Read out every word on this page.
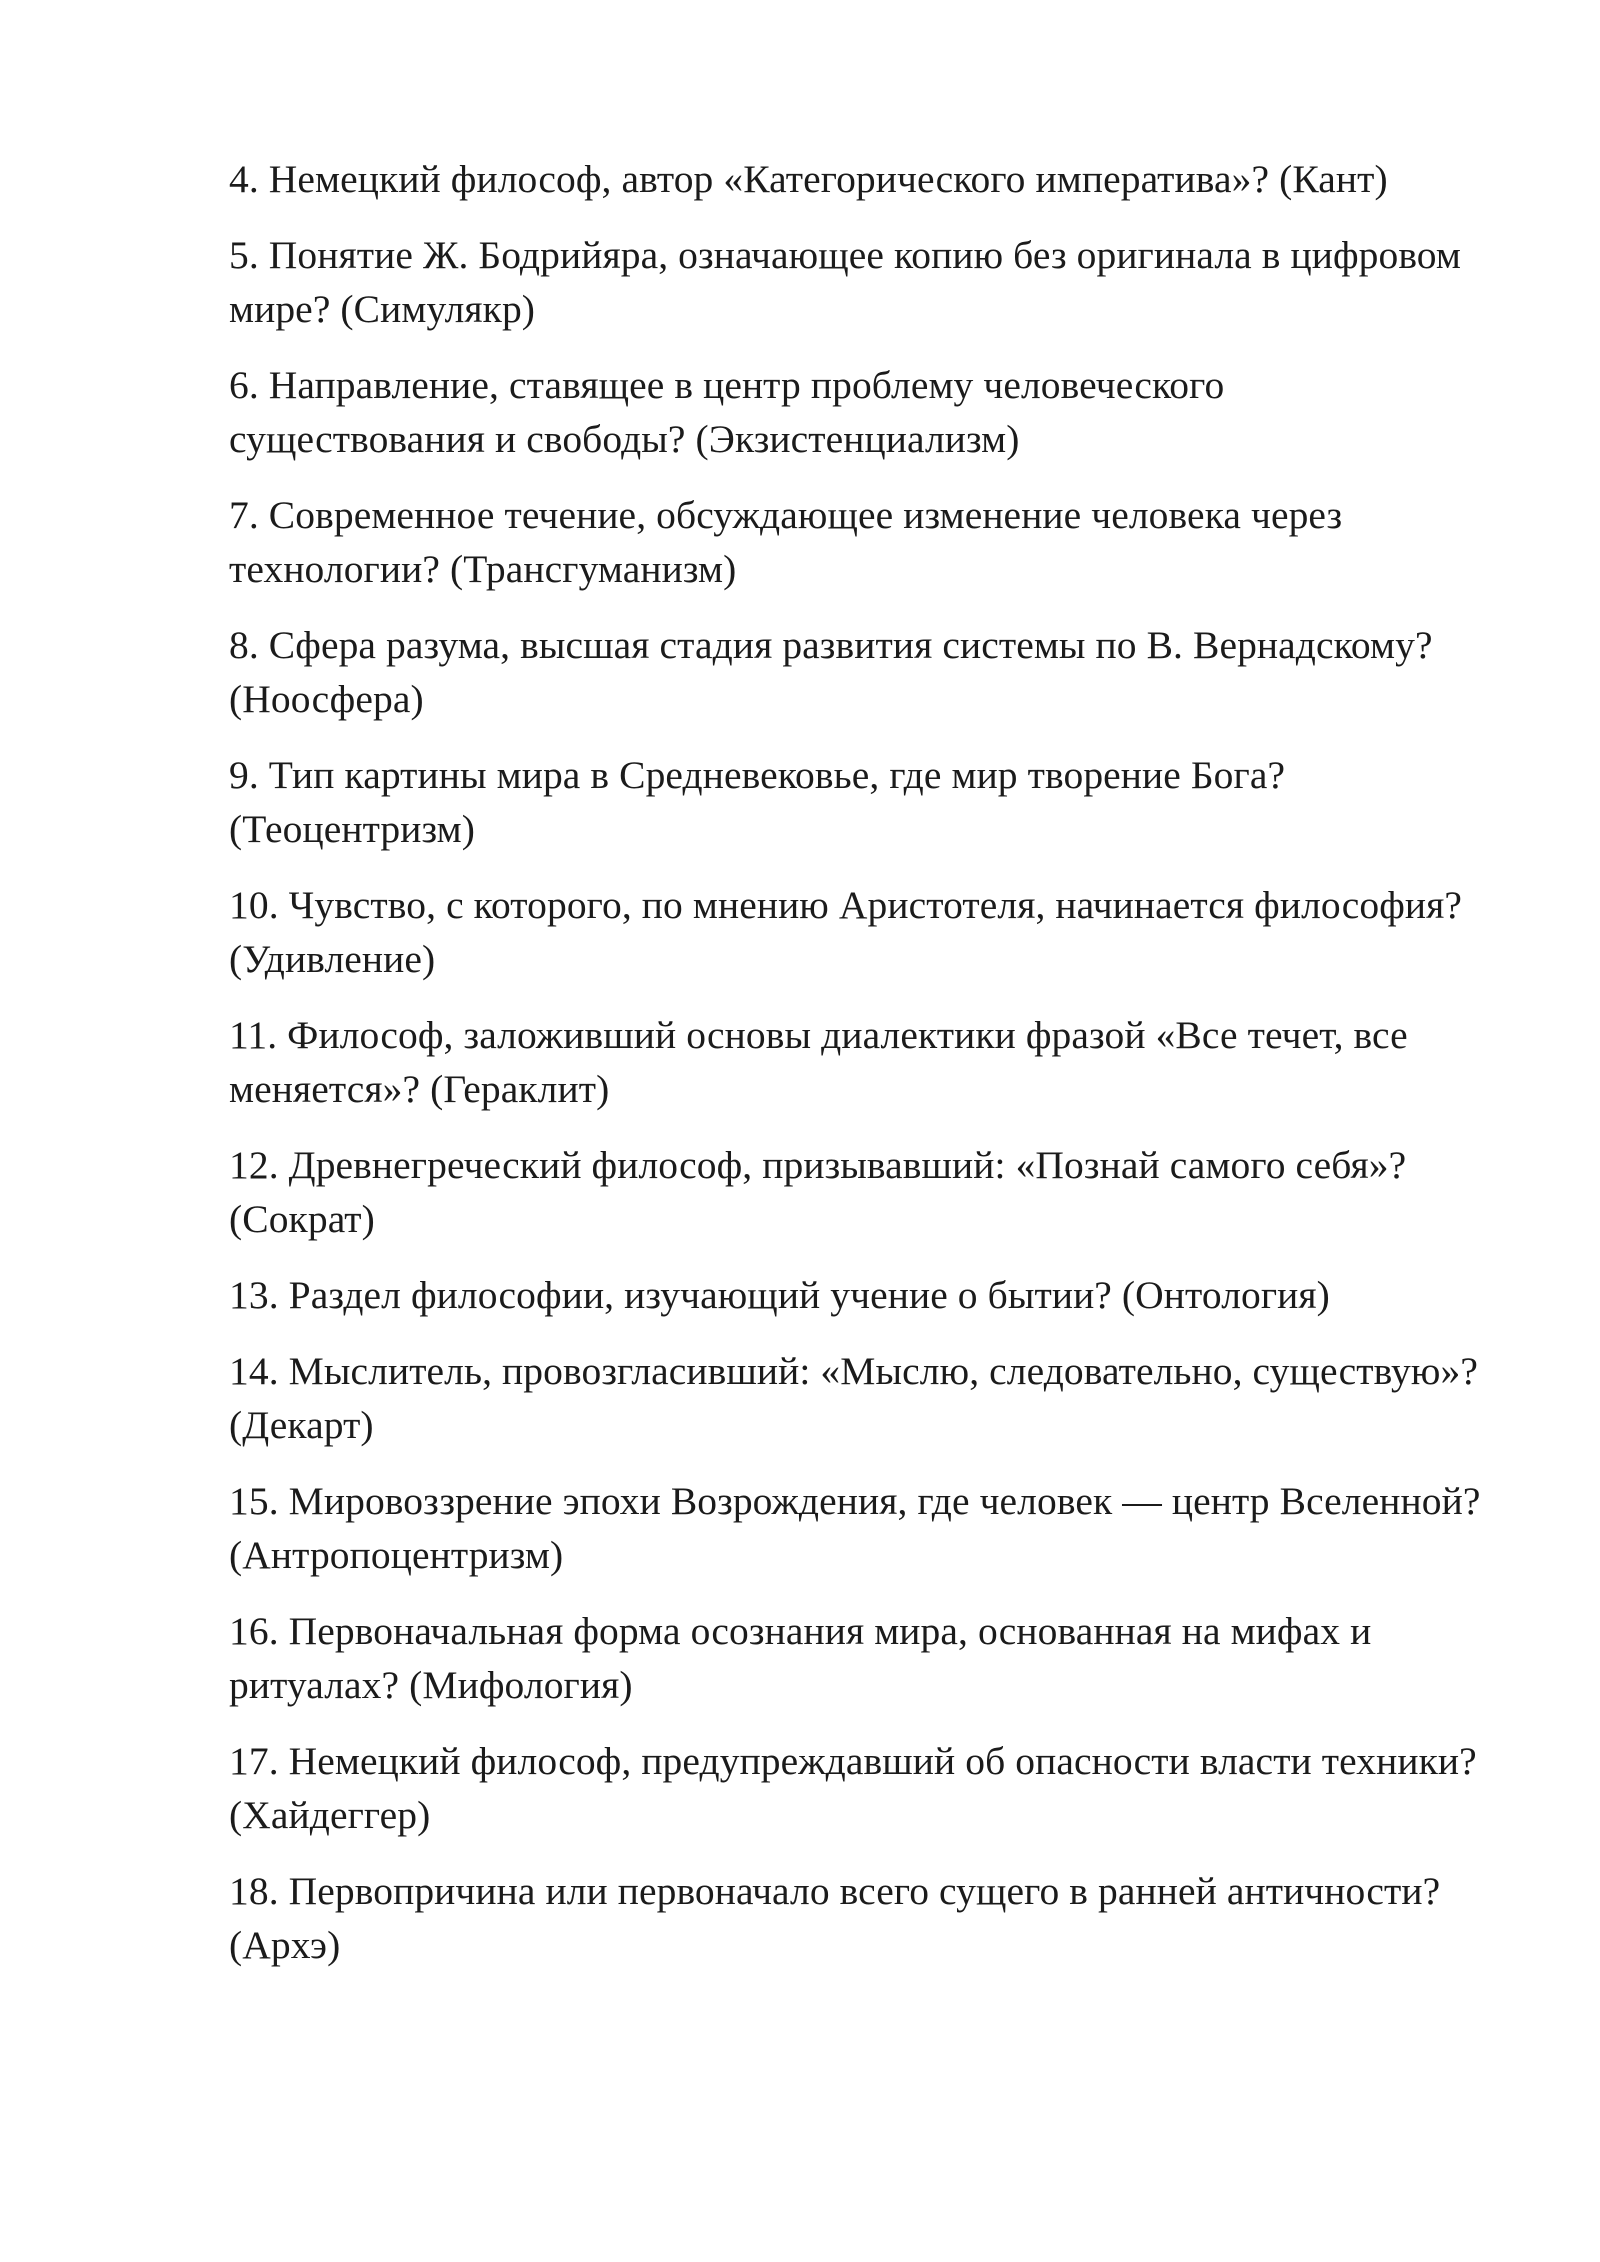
4. Немецкий философ, автор «Категорического императива»? (Кант)
5. Понятие Ж. Бодрийяра, означающее копию без оригинала в цифровом мире? (Симулякр)
6. Направление, ставящее в центр проблему человеческого существования и свободы? (Экзистенциализм)
7. Современное течение, обсуждающее изменение человека через технологии? (Трансгуманизм)
8. Сфера разума, высшая стадия развития системы по В. Вернадскому? (Ноосфера)
9. Тип картины мира в Средневековье, где мир творение Бога? (Теоцентризм)
10. Чувство, с которого, по мнению Аристотеля, начинается философия? (Удивление)
11. Философ, заложивший основы диалектики фразой «Все течет, все меняется»? (Гераклит)
12. Древнегреческий философ, призывавший: «Познай самого себя»? (Сократ)
13. Раздел философии, изучающий учение о бытии? (Онтология)
14. Мыслитель, провозгласивший: «Мыслю, следовательно, существую»? (Декарт)
15. Мировоззрение эпохи Возрождения, где человек — центр Вселенной? (Антропоцентризм)
16. Первоначальная форма осознания мира, основанная на мифах и ритуалах? (Мифология)
17. Немецкий философ, предупреждавший об опасности власти техники? (Хайдеггер)
18. Первопричина или первоначало всего сущего в ранней античности? (Архэ)
